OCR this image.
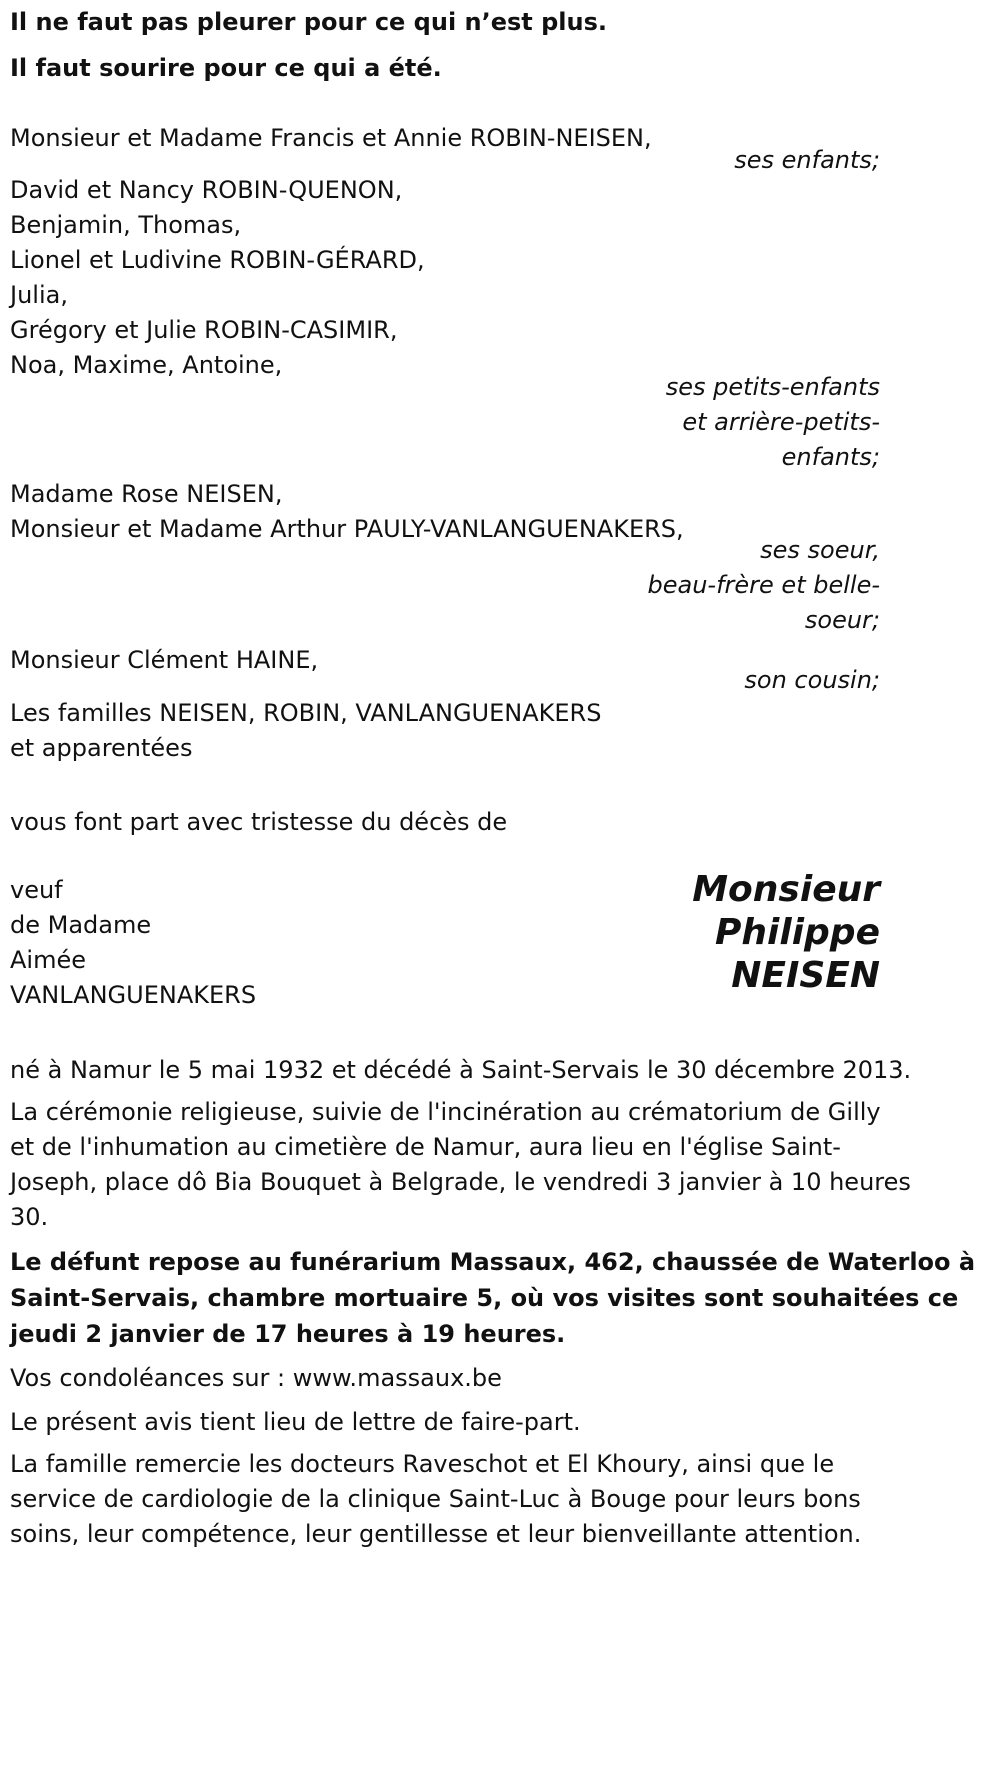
Il ne faut pas pleurer pour ce qui n’est plus.
Il faut sourire pour ce qui a été.
Monsieur et Madame Francis et Annie ROBIN-NEISEN,
ses enfants;
David et Nancy ROBIN-QUENON,
Benjamin, Thomas,
Lionel et Ludivine ROBIN-GÉRARD,
Julia,
Grégory et Julie ROBIN-CASIMIR,
Noa, Maxime, Antoine,
ses petits-enfants
et arrière-petits-
enfants;
Madame Rose NEISEN,
Monsieur et Madame Arthur PAULY-VANLANGUENAKERS,
ses soeur,
beau-frère et belle-
soeur;
Monsieur Clément HAINE,
son cousin;
Les familles NEISEN, ROBIN, VANLANGUENAKERS
et apparentées
vous font part avec tristesse du décès de
veuf
de Madame
Aimée
VANLANGUENAKERS
Monsieur
Philippe
NEISEN
né à Namur le 5 mai 1932 et décédé à Saint-Servais le 30 décembre 2013.
La cérémonie religieuse, suivie de l'incinération au crématorium de Gilly
et de l'inhumation au cimetière de Namur, aura lieu en l'église Saint-
Joseph, place dô Bia Bouquet à Belgrade, le vendredi 3 janvier à 10 heures
30.
Le défunt repose au funérarium Massaux, 462, chaussée de Waterloo à
Saint-Servais, chambre mortuaire 5, où vos visites sont souhaitées ce
jeudi 2 janvier de 17 heures à 19 heures.
Vos condoléances sur : www.massaux.be
Le présent avis tient lieu de lettre de faire-part.
La famille remercie les docteurs Raveschot et El Khoury, ainsi que le
service de cardiologie de la clinique Saint-Luc à Bouge pour leurs bons
soins, leur compétence, leur gentillesse et leur bienveillante attention.
